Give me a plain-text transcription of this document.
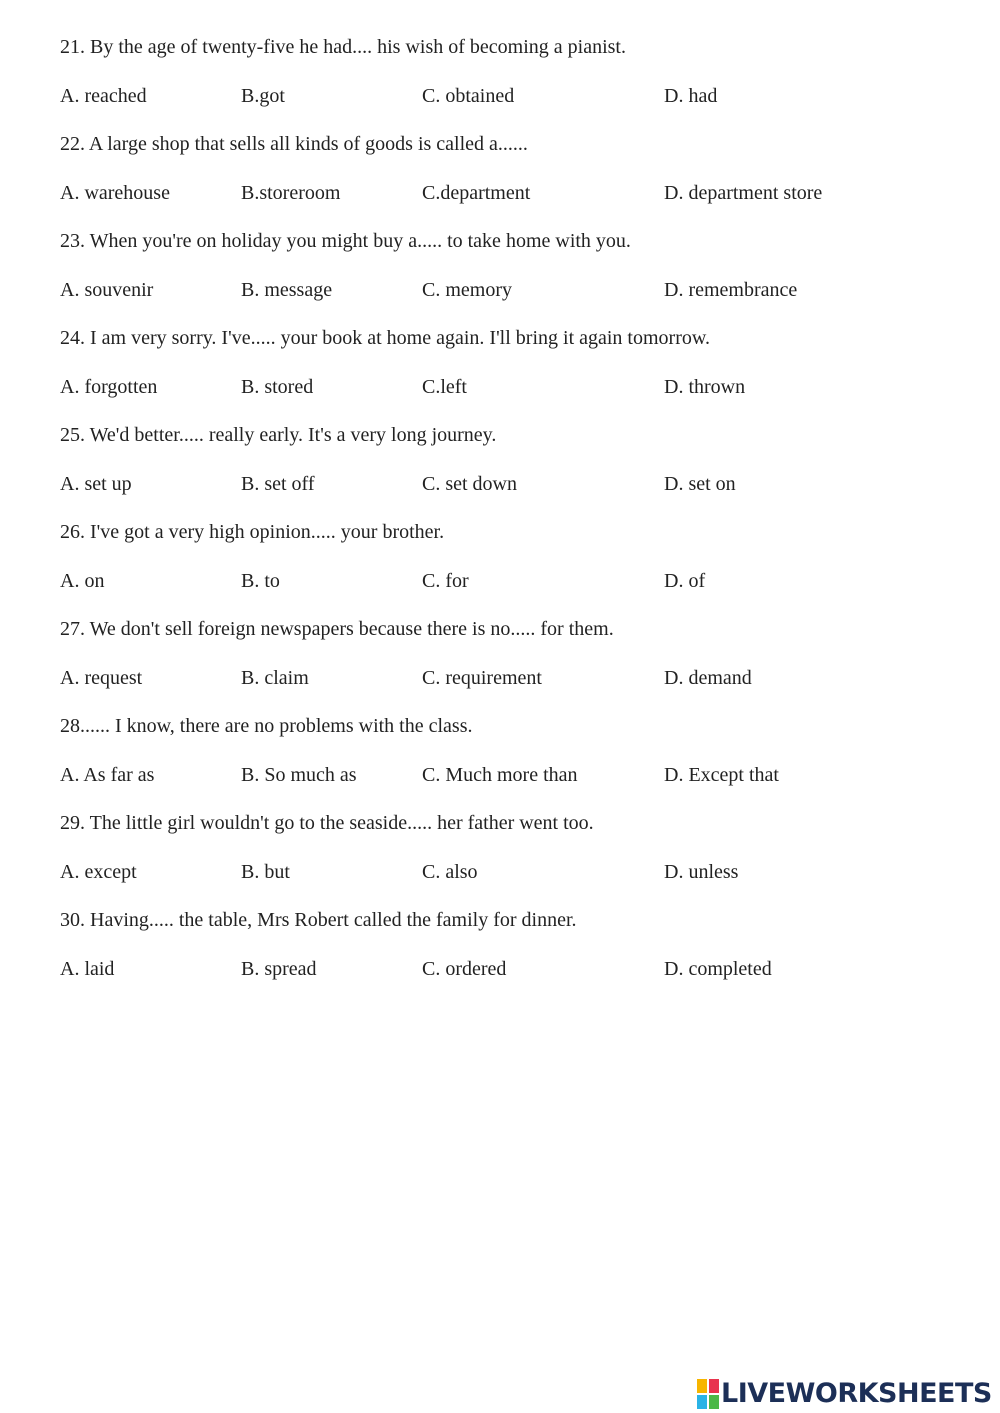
21. By the age of twenty-five he had.... his wish of becoming a pianist.
A. reached	B.got	C. obtained	D. had
22. A large shop that sells all kinds of goods is called a......
A. warehouse	B.storeroom	C.department	D. department store
23. When you're on holiday you might buy a..... to take home with you.
A. souvenir	B. message	C. memory	D. remembrance
24. I am very sorry. I've..... your book at home again. I'll bring it again tomorrow.
A. forgotten	B. stored	C.left	D. thrown
25. We'd better..... really early. It's a very long journey.
A. set up	B. set off	C. set down	D. set on
26. I've got a very high opinion..... your brother.
A. on	B. to	C. for	D. of
27. We don't sell foreign newspapers because there is no..... for them.
A. request	B. claim	C. requirement	D. demand
28...... I know, there are no problems with the class.
A. As far as	B. So much as	C. Much more than	D. Except that
29. The little girl wouldn't go to the seaside..... her father went too.
A. except	B. but	C. also	D. unless
30. Having..... the table, Mrs Robert called the family for dinner.
A. laid	B. spread	C. ordered	D. completed
LIVEWORKSHEETS
